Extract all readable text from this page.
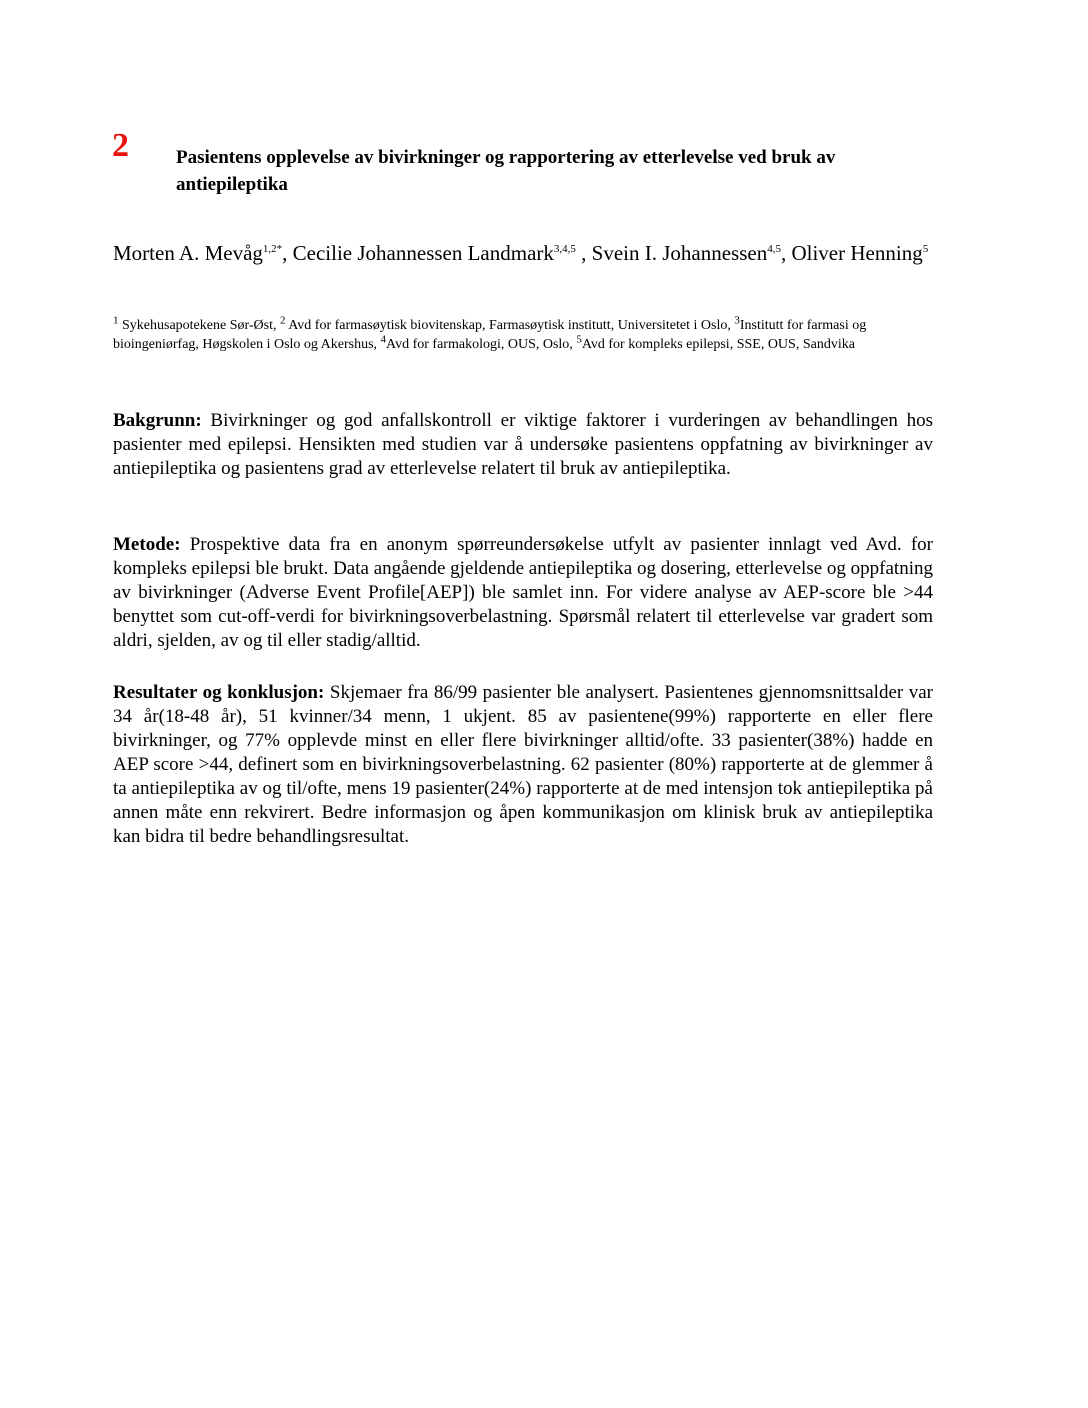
2 Pasientens opplevelse av bivirkninger og rapportering av etterlevelse ved bruk av antiepileptika
Morten A. Mevåg$^{1,2*}$, Cecilie Johannessen Landmark$^{3,4,5}$ , Svein I. Johannessen$^{4,5}$, Oliver Henning$^5$
$^1$ Sykehusapotekene Sør-Øst, $^2$ Avd for farmasøytisk biovitenskap, Farmasøytisk institutt, Universitetet i Oslo, $^3$Institutt for farmasi og bioingeniørfag, Høgskolen i Oslo og Akershus, $^4$Avd for farmakologi, OUS, Oslo, $^5$Avd for kompleks epilepsi, SSE, OUS, Sandvika
Bakgrunn: Bivirkninger og god anfallskontroll er viktige faktorer i vurderingen av behandlingen hos pasienter med epilepsi. Hensikten med studien var å undersøke pasientens oppfatning av bivirkninger av antiepileptika og pasientens grad av etterlevelse relatert til bruk av antiepileptika.
Metode: Prospektive data fra en anonym spørreundersøkelse utfylt av pasienter innlagt ved Avd. for kompleks epilepsi ble brukt. Data angående gjeldende antiepileptika og dosering, etterlevelse og oppfatning av bivirkninger (Adverse Event Profile[AEP]) ble samlet inn. For videre analyse av AEP-score ble >44 benyttet som cut-off-verdi for bivirkningsoverbelastning. Spørsmål relatert til etterlevelse var gradert som aldri, sjelden, av og til eller stadig/alltid.
Resultater og konklusjon: Skjemaer fra 86/99 pasienter ble analysert. Pasientenes gjennomsnittsalder var 34 år(18-48 år), 51 kvinner/34 menn, 1 ukjent. 85 av pasientene(99%) rapporterte en eller flere bivirkninger, og 77% opplevde minst en eller flere bivirkninger alltid/ofte. 33 pasienter(38%) hadde en AEP score >44, definert som en bivirkningsoverbelastning. 62 pasienter (80%) rapporterte at de glemmer å ta antiepileptika av og til/ofte, mens 19 pasienter(24%) rapporterte at de med intensjon tok antiepileptika på annen måte enn rekvirert. Bedre informasjon og åpen kommunikasjon om klinisk bruk av antiepileptika kan bidra til bedre behandlingsresultat.
